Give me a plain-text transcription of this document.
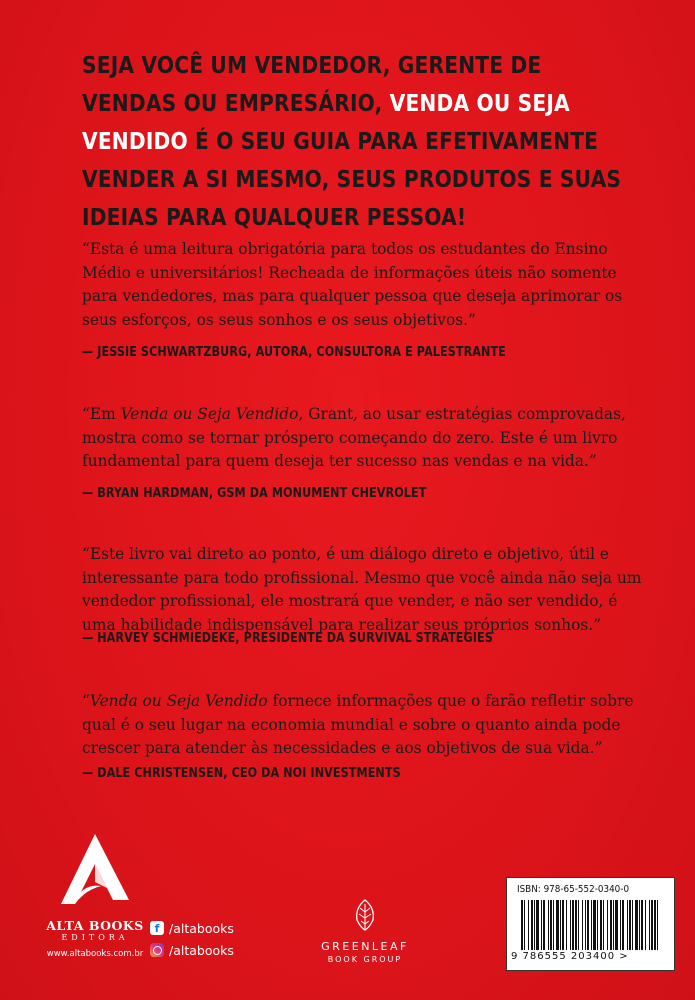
SEJA VOCÊ UM VENDEDOR, GERENTE DE VENDAS OU EMPRESÁRIO, VENDA OU SEJA VENDIDO É O SEU GUIA PARA EFETIVAMENTE VENDER A SI MESMO, SEUS PRODUTOS E SUAS IDEIAS PARA QUALQUER PESSOA!
“Esta é uma leitura obrigatória para todos os estudantes do Ensino Médio e universitários! Recheada de informações úteis não somente para vendedores, mas para qualquer pessoa que deseja aprimorar os seus esforços, os seus sonhos e os seus objetivos.”
— JESSIE SCHWARTZBURG, AUTORA, CONSULTORA E PALESTRANTE
“Em Venda ou Seja Vendido, Grant, ao usar estratégias comprovadas, mostra como se tornar próspero começando do zero. Este é um livro fundamental para quem deseja ter sucesso nas vendas e na vida.”
— BRYAN HARDMAN, GSM DA MONUMENT CHEVROLET
“Este livro vai direto ao ponto, é um diálogo direto e objetivo, útil e interessante para todo profissional. Mesmo que você ainda não seja um vendedor profissional, ele mostrará que vender, e não ser vendido, é uma habilidade indispensável para realizar seus próprios sonhos.”
— HARVEY SCHMIEDEKE, PRESIDENTE DA SURVIVAL STRATEGIES
“Venda ou Seja Vendido fornece informações que o farão refletir sobre qual é o seu lugar na economia mundial e sobre o quanto ainda pode crescer para atender às necessidades e aos objetivos de sua vida.”
— DALE CHRISTENSEN, CEO DA NOI INVESTMENTS
ALTA BOOKS
EDITORA
www.altabooks.com.br
f /altabooks
/altabooks	GREENLEAF
BOOK GROUP
ISBN: 978-65-552-0340-0
9 786555 203400 >
